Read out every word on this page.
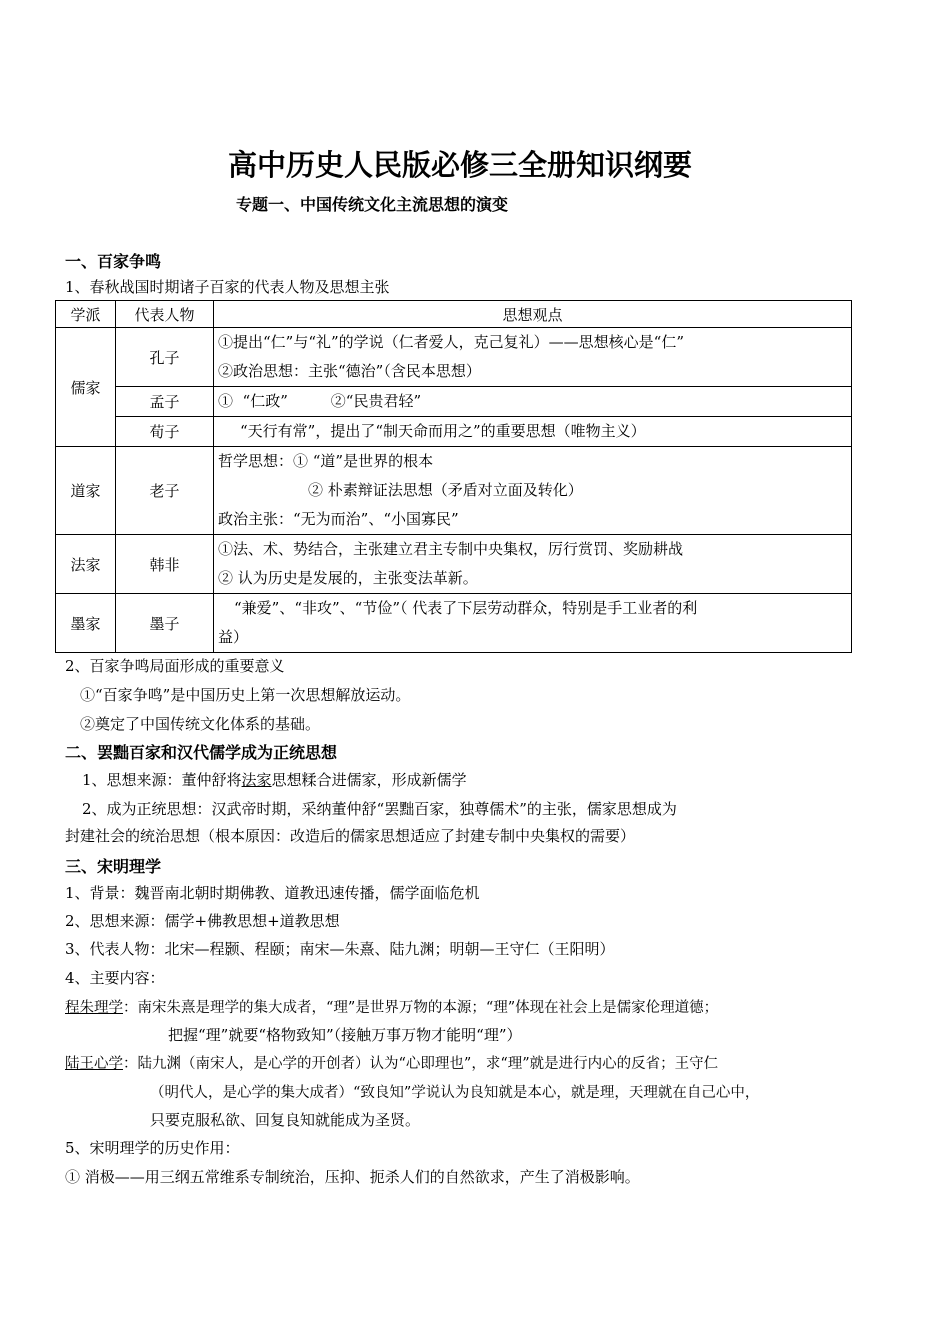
高中历史人民版必修三全册知识纲要
专题一、中国传统文化主流思想的演变
一、百家争鸣
1、春秋战国时期诸子百家的代表人物及思想主张
学派	代表人物	思想观点
儒家	孔子	①提出“仁”与“礼”的学说（仁者爱人，克己复礼）——思想核心是“仁”
②政治思想：主张“德治”（含民本思想）

	孟子	①  “仁政”         ②“民贵君轻”
	荀子	“天行有常”，提出了“制天命而用之”的重要思想（唯物主义）
道家	老子	哲学思想：① “道”是世界的根本
② 朴素辩证法思想（矛盾对立面及转化）
政治主张：“无为而治”、“小国寡民”

法家	韩非	①法、术、势结合，主张建立君主专制中央集权，厉行赏罚、奖励耕战
② 认为历史是发展的，主张变法革新。

墨家	墨子	“兼爱”、“非攻”、“节俭”（ 代表了下层劳动群众，特别是手工业者的利
益）
2、百家争鸣局面形成的重要意义
①“百家争鸣”是中国历史上第一次思想解放运动。
②奠定了中国传统文化体系的基础。
二、罢黜百家和汉代儒学成为正统思想
1、思想来源：董仲舒将法家思想糅合进儒家，形成新儒学
2、成为正统思想：汉武帝时期，采纳董仲舒“罢黜百家，独尊儒术”的主张，儒家思想成为
封建社会的统治思想（根本原因：改造后的儒家思想适应了封建专制中央集权的需要）
三、宋明理学
1、背景：魏晋南北朝时期佛教、道教迅速传播，儒学面临危机
2、思想来源：儒学+佛教思想+道教思想
3、代表人物：北宋—程颢、程颐；南宋—朱熹、陆九渊；明朝—王守仁（王阳明）
4、主要内容：
程朱理学：南宋朱熹是理学的集大成者，“理”是世界万物的本源；“理”体现在社会上是儒家伦理道德；
把握“理”就要“格物致知”（接触万事万物才能明“理”）
陆王心学：陆九渊（南宋人，是心学的开创者）认为“心即理也”，求“理”就是进行内心的反省；王守仁
（明代人，是心学的集大成者）“致良知”学说认为良知就是本心，就是理，天理就在自己心中，
只要克服私欲、回复良知就能成为圣贤。
5、宋明理学的历史作用：
① 消极——用三纲五常维系专制统治，压抑、扼杀人们的自然欲求，产生了消极影响。
